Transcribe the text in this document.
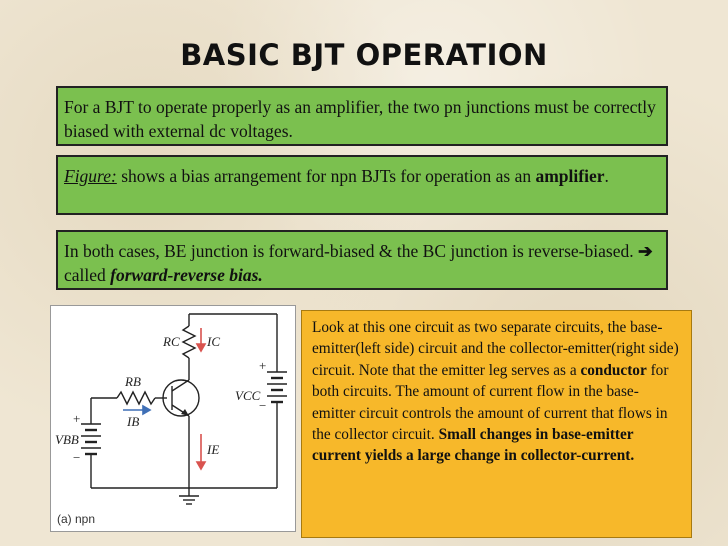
BASIC BJT OPERATION
For a BJT to operate properly as an amplifier, the two pn junctions must be correctly biased with external dc voltages.
Figure: shows a bias arrangement for npn BJTs for operation as an amplifier.
In both cases, BE junction is forward-biased & the BC junction is reverse-biased. ➔ called forward-reverse bias.
RC IC
RB
IB
IE
VCC
VBB
+
+
−
−
(a) npn
Look at this one circuit as two separate circuits, the base-emitter(left side) circuit and the collector-emitter(right side) circuit. Note that the emitter leg serves as a conductor for both circuits. The amount of current flow in the base-emitter circuit controls the amount of current that flows in the collector circuit. Small changes in base-emitter current yields a large change in collector-current.
